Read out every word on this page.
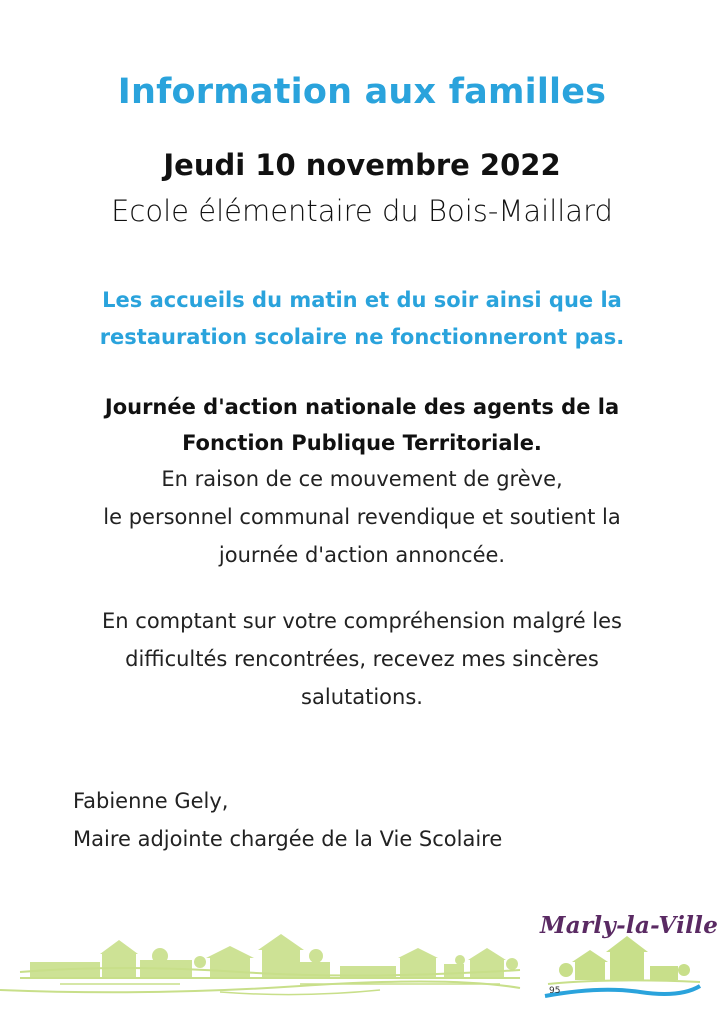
Information aux familles
Jeudi 10 novembre 2022
Ecole élémentaire du Bois-Maillard
Les accueils du matin et du soir ainsi que la
restauration scolaire ne fonctionneront pas.
Journée d'action nationale des agents de la
Fonction Publique Territoriale.
En raison de ce mouvement de grève,
le personnel communal revendique et soutient la
journée d'action annoncée.
En comptant sur votre compréhension malgré les
difficultés rencontrées, recevez mes sincères
salutations.
Fabienne Gely,
Maire adjointe chargée de la Vie Scolaire
Marly-la-Ville
95
